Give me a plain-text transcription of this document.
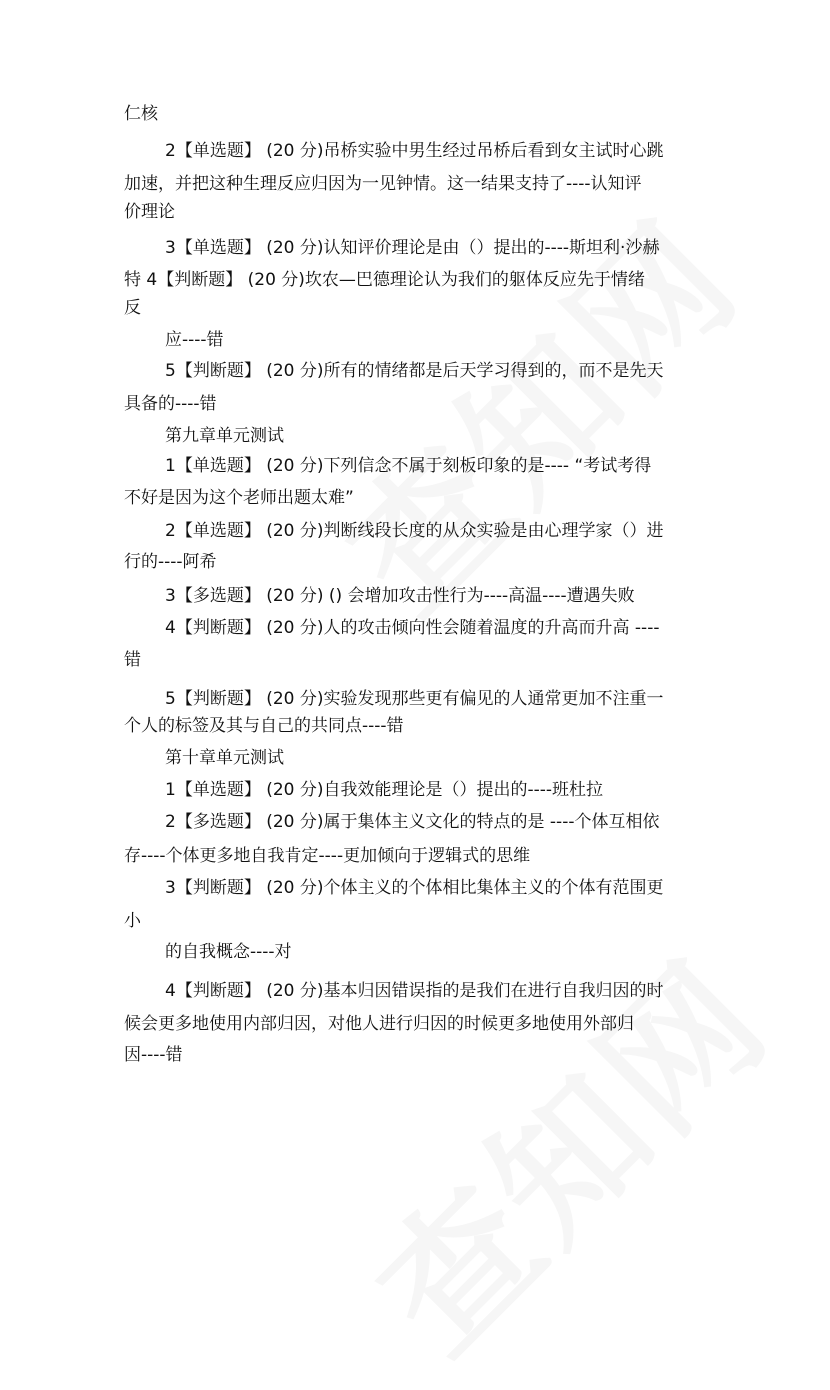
仁核
2【单选题】 (20 分)吊桥实验中男生经过吊桥后看到女主试时心跳
加速，并把这种生理反应归因为一见钟情。这一结果支持了----认知评
价理论
3【单选题】 (20 分)认知评价理论是由（）提出的----斯坦利·沙赫
特 4【判断题】 (20 分)坎农—巴德理论认为我们的躯体反应先于情绪
反
应----错
5【判断题】 (20 分)所有的情绪都是后天学习得到的，而不是先天
具备的----错
第九章单元测试
1【单选题】 (20 分)下列信念不属于刻板印象的是---- “考试考得
不好是因为这个老师出题太难”
2【单选题】 (20 分)判断线段长度的从众实验是由心理学家（）进
行的----阿希
3【多选题】 (20 分) () 会增加攻击性行为----高温----遭遇失败
4【判断题】 (20 分)人的攻击倾向性会随着温度的升高而升高 ----
错
5【判断题】 (20 分)实验发现那些更有偏见的人通常更加不注重一
个人的标签及其与自己的共同点----错
第十章单元测试
1【单选题】 (20 分)自我效能理论是（）提出的----班杜拉
2【多选题】 (20 分)属于集体主义文化的特点的是 ----个体互相依
存----个体更多地自我肯定----更加倾向于逻辑式的思维
3【判断题】 (20 分)个体主义的个体相比集体主义的个体有范围更
小
的自我概念----对
4【判断题】 (20 分)基本归因错误指的是我们在进行自我归因的时
候会更多地使用内部归因，对他人进行归因的时候更多地使用外部归
因----错
